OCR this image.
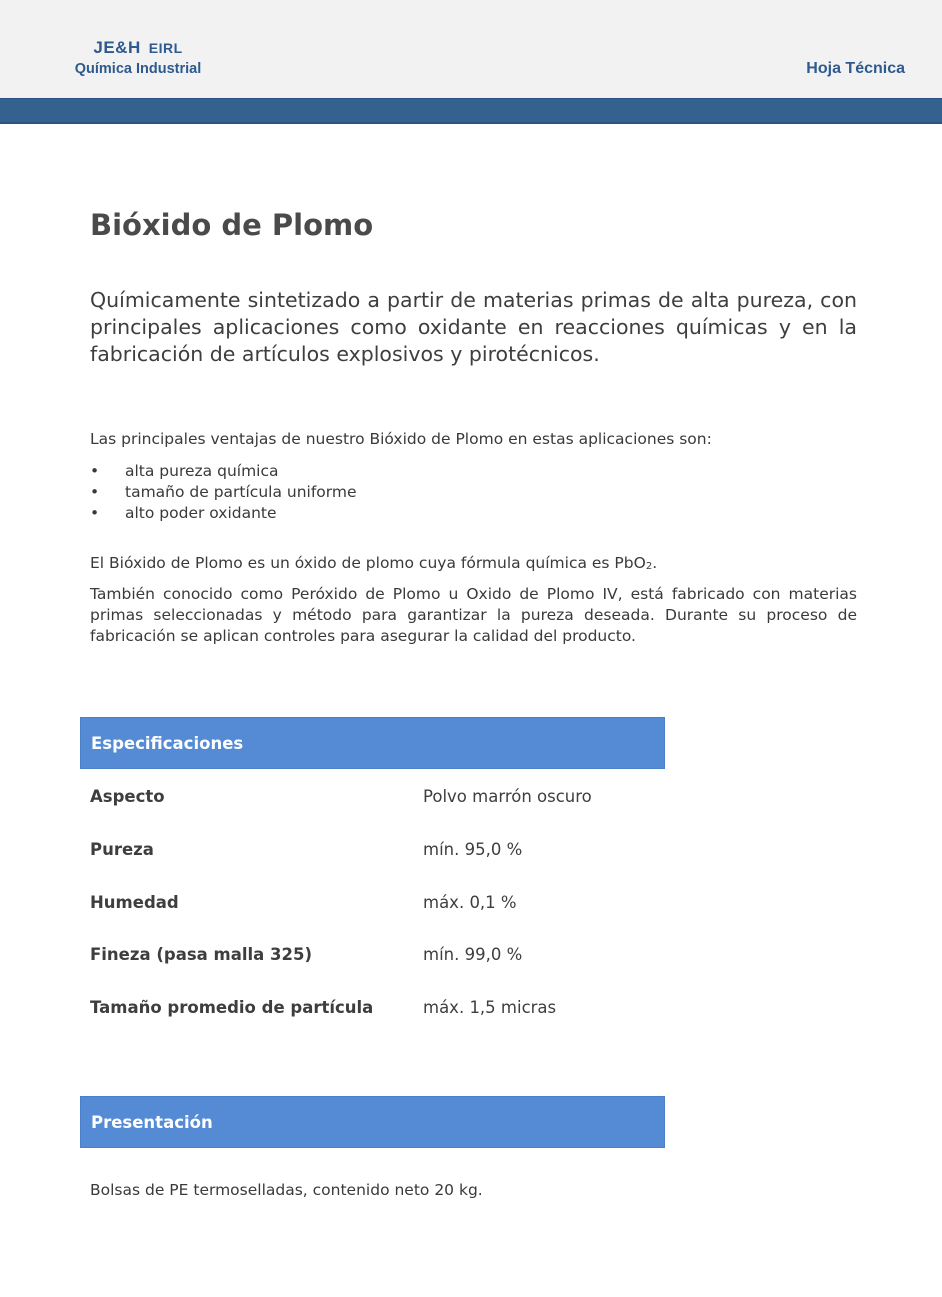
JE&H EIRL
Química Industrial	Hoja Técnica
Bióxido de Plomo

Químicamente sintetizado a partir de materias primas de alta pureza, con principales aplicaciones como oxidante en reacciones químicas y en la fabricación de artículos explosivos y pirotécnicos.

Las principales ventajas de nuestro Bióxido de Plomo en estas aplicaciones son:

• alta pureza química
• tamaño de partícula uniforme
• alto poder oxidante

El Bióxido de Plomo es un óxido de plomo cuya fórmula química es PbO$_2$.

También conocido como Peróxido de Plomo u Oxido de Plomo IV, está fabricado con materias primas seleccionadas y método para garantizar la pureza deseada. Durante su proceso de fabricación se aplican controles para asegurar la calidad del producto.

Especificaciones
Aspecto	Polvo marrón oscuro
Pureza	mín. 95,0 %
Humedad	máx. 0,1 %
Fineza (pasa malla 325)	mín. 99,0 %
Tamaño promedio de partícula	máx. 1,5 micras
Presentación

Bolsas de PE termoselladas, contenido neto 20 kg.
